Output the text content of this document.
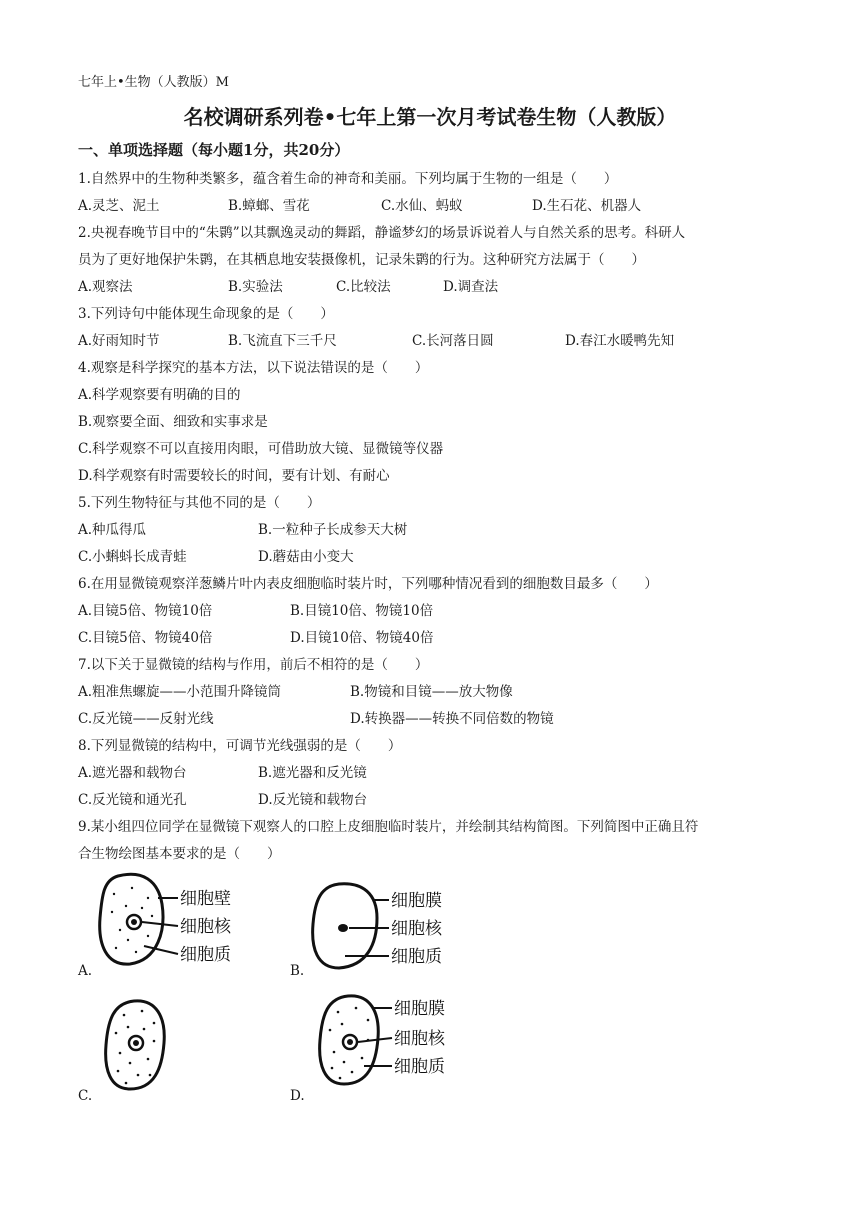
七年上•生物（人教版）M
名校调研系列卷•七年上第一次月考试卷生物（人教版）
一、单项选择题（每小题1分，共20分）
1.自然界中的生物种类繁多，蕴含着生命的神奇和美丽。下列均属于生物的一组是（　　）
A.灵芝、泥土	B.蟑螂、雪花	C.水仙、蚂蚁	D.生石花、机器人
2.央视春晚节目中的“朱鹮”以其飘逸灵动的舞蹈，静谧梦幻的场景诉说着人与自然关系的思考。科研人
员为了更好地保护朱鹮，在其栖息地安装摄像机，记录朱鹮的行为。这种研究方法属于（　　）
A.观察法	B.实验法	C.比较法	D.调查法
3.下列诗句中能体现生命现象的是（　　）
A.好雨知时节	B.飞流直下三千尺	C.长河落日圆	D.春江水暖鸭先知
4.观察是科学探究的基本方法，以下说法错误的是（　　）
A.科学观察要有明确的目的
B.观察要全面、细致和实事求是
C.科学观察不可以直接用肉眼，可借助放大镜、显微镜等仪器
D.科学观察有时需要较长的时间，要有计划、有耐心
5.下列生物特征与其他不同的是（　　）
A.种瓜得瓜	B.一粒种子长成参天大树
C.小蝌蚪长成青蛙	D.蘑菇由小变大
6.在用显微镜观察洋葱鳞片叶内表皮细胞临时装片时，下列哪种情况看到的细胞数目最多（　　）
A.目镜5倍、物镜10倍	B.目镜10倍、物镜10倍
C.目镜5倍、物镜40倍	D.目镜10倍、物镜40倍
7.以下关于显微镜的结构与作用，前后不相符的是（　　）
A.粗准焦螺旋——小范围升降镜筒	B.物镜和目镜——放大物像
C.反光镜——反射光线	D.转换器——转换不同倍数的物镜
8.下列显微镜的结构中，可调节光线强弱的是（　　）
A.遮光器和载物台	B.遮光器和反光镜
C.反光镜和通光孔	D.反光镜和载物台
9.某小组四位同学在显微镜下观察人的口腔上皮细胞临时装片，并绘制其结构简图。下列简图中正确且符
合生物绘图基本要求的是（　　）
细胞壁
细胞核
细胞质
A.
细胞膜
细胞核
细胞质
B.
C.
细胞膜
细胞核
细胞质
D.
